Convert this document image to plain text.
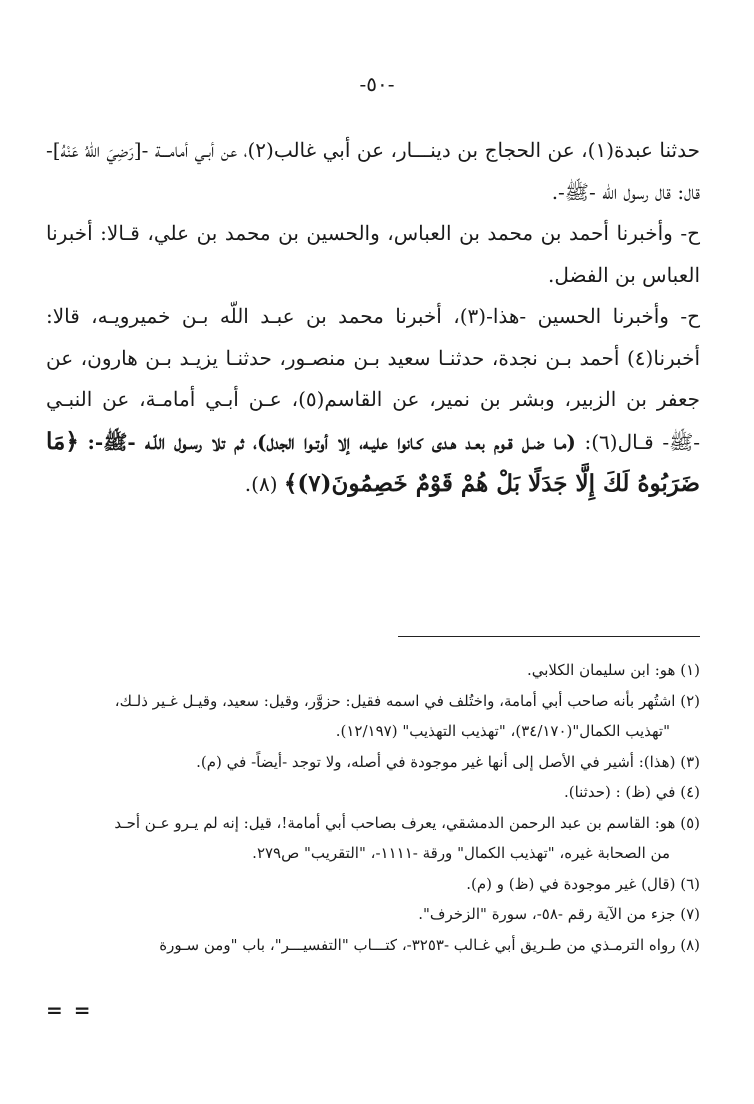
-٥٠-

حدثنا عبدة(١)، عن الحجاج بن دينـــار، عن أبي غالب(٢)، عن أبـي أمامـــة -[رَضِيَ اللهُ عَنْهُ]- قال: قال رسول الله -ﷺ-.

ح- وأخبرنا أحمد بن محمد بن العباس، والحسين بن محمد بن علي، قـالا: أخبرنا العباس بن الفضل.

ح- وأخبرنا الحسين -هذا-(٣)، أخبرنا محمد بن عبـد اللّه بـن خميرويـه، قالا: أخبرنا(٤) أحمد بـن نجدة، حدثنـا سعيد بـن منصـور، حدثنـا يزيـد بـن هارون، عن جعفر بن الزبير، وبشر بن نمير، عن القاسم(٥)، عـن أبـي أمامـة، عن النبـي -ﷺ- قـال(٦): (مـا ضـل قـوم بعـد هـدى كـانوا عليـه، إلا أوتـوا الجدل)، ثم تلا رسـول اللّـه -ﷺ-: ﴿مَا ضَرَبُوهُ لَكَ إِلَّا جَدَلًا بَلْ هُمْ قَوْمٌ خَصِمُونَ(٧)﴾ (٨).

(١) هو: ابن سليمان الكلابي.

(٢) اشتُهر بأنه صاحب أبي أمامة، واختُلف في اسمه فقيل: حزوَّر، وقيل: سعيد، وقيـل غـير ذلـك،

"تهذيب الكمال"(٣٤/١٧٠)، "تهذيب التهذيب" (١٢/١٩٧).

(٣) (هذا): أشير في الأصل إلى أنها غير موجودة في أصله، ولا توجد -أيضاً- في (م).

(٤) في (ظ) : (حدثنا).

(٥) هو: القاسم بن عبد الرحمن الدمشقي، يعرف بصاحب أبي أمامة!، قيل: إنه لم يـرو عـن أحـد

من الصحابة غيره، "تهذيب الكمال" ورقة -١١١١-، "التقريب" ص٢٧٩.

(٦) (قال) غير موجودة في (ظ) و (م).

(٧) جزء من الآية رقم -٥٨-، سورة "الزخرف".

(٨) رواه الترمـذي من طـريق أبي غـالب -٣٢٥٣-، كتـــاب "التفسيـــر"، باب "ومن سـورة

= =
